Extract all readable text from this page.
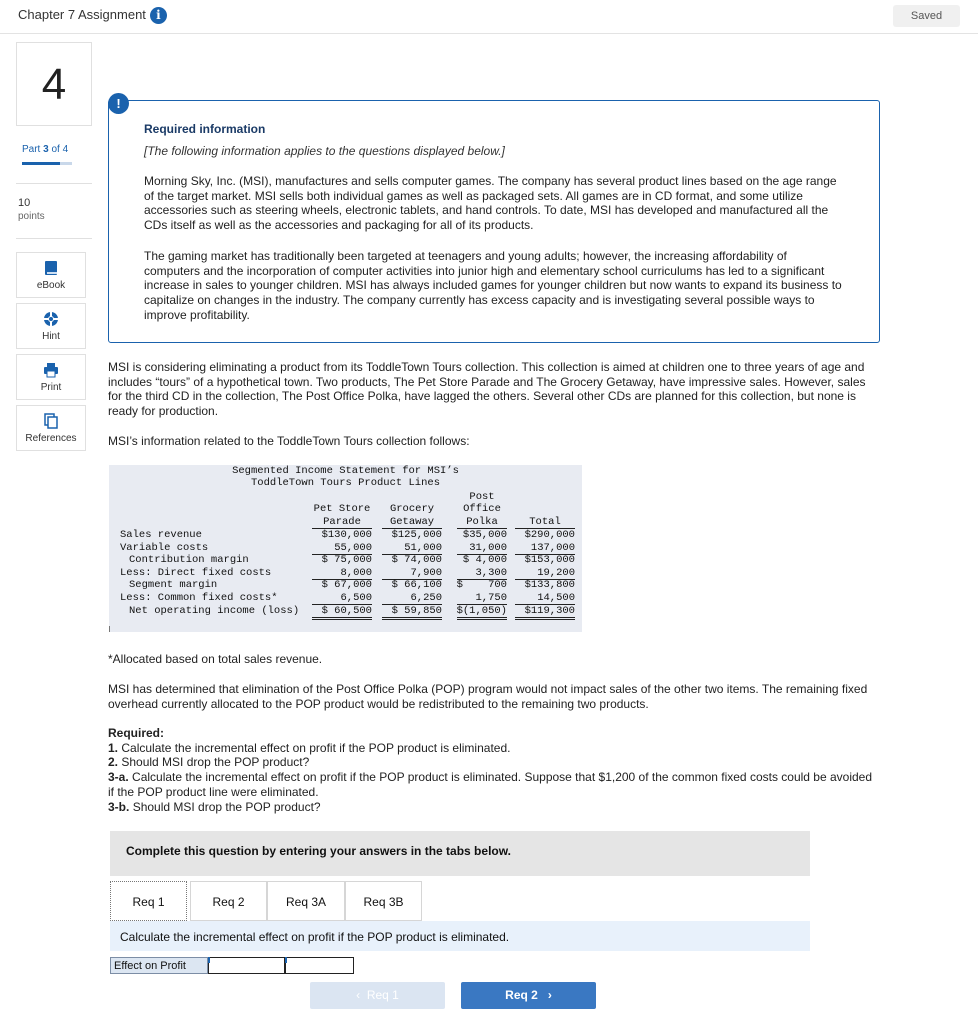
Chapter 7 Assignment i	Saved
4
Part 3 of 4
10
points
eBook
Hint
Print
References
Required information
[The following information applies to the questions displayed below.]

Morning Sky, Inc. (MSI), manufactures and sells computer games. The company has several product lines based on the age range of the target market. MSI sells both individual games as well as packaged sets. All games are in CD format, and some utilize accessories such as steering wheels, electronic tablets, and hand controls. To date, MSI has developed and manufactured all the CDs itself as well as the accessories and packaging for all of its products.

The gaming market has traditionally been targeted at teenagers and young adults; however, the increasing affordability of computers and the incorporation of computer activities into junior high and elementary school curriculums has led to a significant increase in sales to younger children. MSI has always included games for younger children but now wants to expand its business to capitalize on changes in the industry. The company currently has excess capacity and is investigating several possible ways to improve profitability.

!
MSI is considering eliminating a product from its ToddleTown Tours collection. This collection is aimed at children one to three years of age and includes “tours” of a hypothetical town. Two products, The Pet Store Parade and The Grocery Getaway, have impressive sales. However, sales for the third CD in the collection, The Post Office Polka, have lagged the others. Several other CDs are planned for this collection, but none is ready for production.
MSI’s information related to the ToddleTown Tours collection follows:
Segmented Income Statement for MSI’s
ToddleTown Tours Product Lines
Pet Store
Parade
Grocery
Getaway
Post
Office
Polka	Total
Sales revenue	$130,000	$125,000	$35,000	$290,000
Variable costs	55,000	51,000	31,000	137,000
Contribution margin	$ 75,000	$ 74,000	$ 4,000	$153,000
Less: Direct fixed costs	8,000	7,900	3,300	19,200
Segment margin	$ 67,000	$ 66,100	$    700	$133,800
Less: Common fixed costs*	6,500	6,250	1,750	14,500
Net operating income (loss)	$ 60,500	$ 59,850	$(1,050)	$119,300
*Allocated based on total sales revenue.
MSI has determined that elimination of the Post Office Polka (POP) program would not impact sales of the other two items. The remaining fixed overhead currently allocated to the POP product would be redistributed to the remaining two products.
Required:
1. Calculate the incremental effect on profit if the POP product is eliminated.
2. Should MSI drop the POP product?
3-a. Calculate the incremental effect on profit if the POP product is eliminated. Suppose that $1,200 of the common fixed costs could be avoided if the POP product line were eliminated.
3-b. Should MSI drop the POP product?
Complete this question by entering your answers in the tabs below.
Req 1	Req 2	Req 3A	Req 3B
Calculate the incremental effect on profit if the POP product is eliminated.
Effect on Profit
‹  Req 1	Req 2   ›
